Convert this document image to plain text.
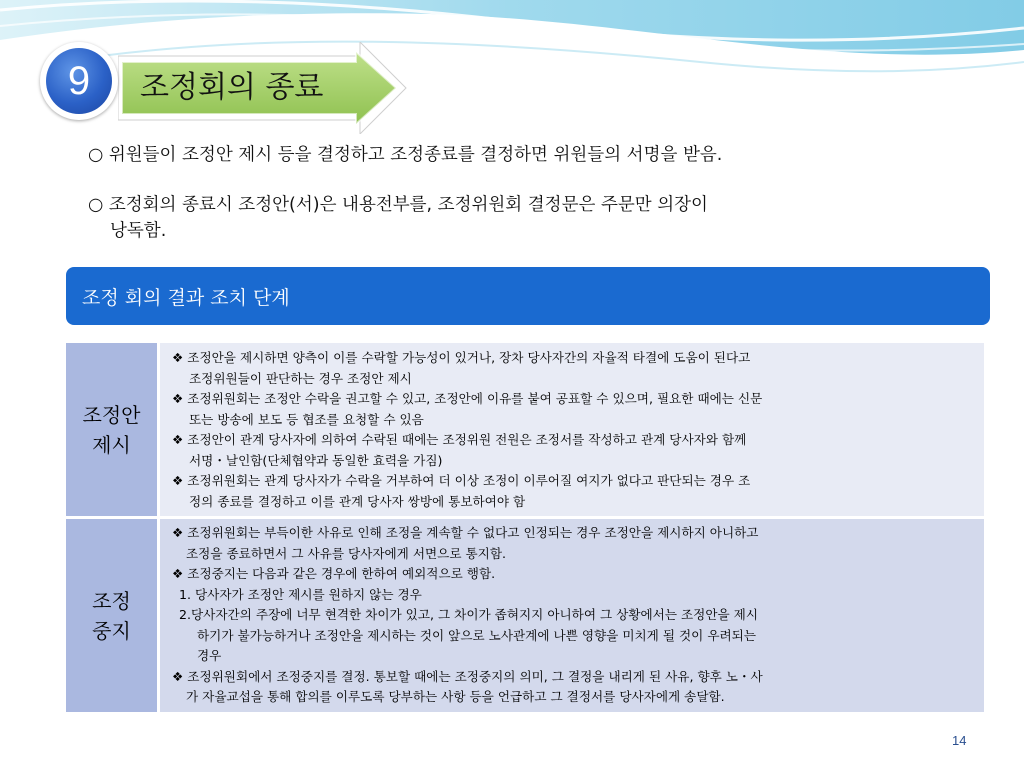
9	조정회의 종료

○ 위원들이 조정안 제시 등을 결정하고 조정종료를 결정하면 위원들의 서명을 받음.

○ 조정회의 종료시 조정안(서)은 내용전부를, 조정위원회 결정문은 주문만 의장이

낭독함.

조정 회의 결과 조치 단계
조정안
제시
❖ 조정안을 제시하면 양측이 이를 수락할 가능성이 있거나, 장차 당사자간의 자율적 타결에 도움이 된다고
조정위원들이 판단하는 경우 조정안 제시
❖ 조정위원회는 조정안 수락을 권고할 수 있고, 조정안에 이유를 붙여 공표할 수 있으며, 필요한 때에는 신문
또는 방송에 보도 등 협조를 요청할 수 있음
❖ 조정안이 관계 당사자에 의하여 수락된 때에는 조정위원 전원은 조정서를 작성하고 관계 당사자와 함께
서명・날인함(단체협약과 동일한 효력을 가짐)
❖ 조정위원회는 관계 당사자가 수락을 거부하여 더 이상 조정이 이루어질 여지가 없다고 판단되는 경우 조
정의 종료를 결정하고 이를 관계 당사자 쌍방에 통보하여야 함
조정
중지
❖ 조정위원회는 부득이한 사유로 인해 조정을 계속할 수 없다고 인정되는 경우 조정안을 제시하지 아니하고
조정을 종료하면서 그 사유를 당사자에게 서면으로 통지함.
❖ 조정중지는 다음과 같은 경우에 한하여 예외적으로 행함.
1. 당사자가 조정안 제시를 원하지 않는 경우
2.당사자간의 주장에 너무 현격한 차이가 있고, 그 차이가 좁혀지지 아니하여 그 상황에서는 조정안을 제시
하기가 불가능하거나 조정안을 제시하는 것이 앞으로 노사관계에 나쁜 영향을 미치게 될 것이 우려되는
경우
❖ 조정위원회에서 조정중지를 결정. 통보할 때에는 조정중지의 의미, 그 결정을 내리게 된 사유, 향후 노・사
가 자율교섭을 통해 합의를 이루도록 당부하는 사항 등을 언급하고 그 결정서를 당사자에게 송달함.
14
